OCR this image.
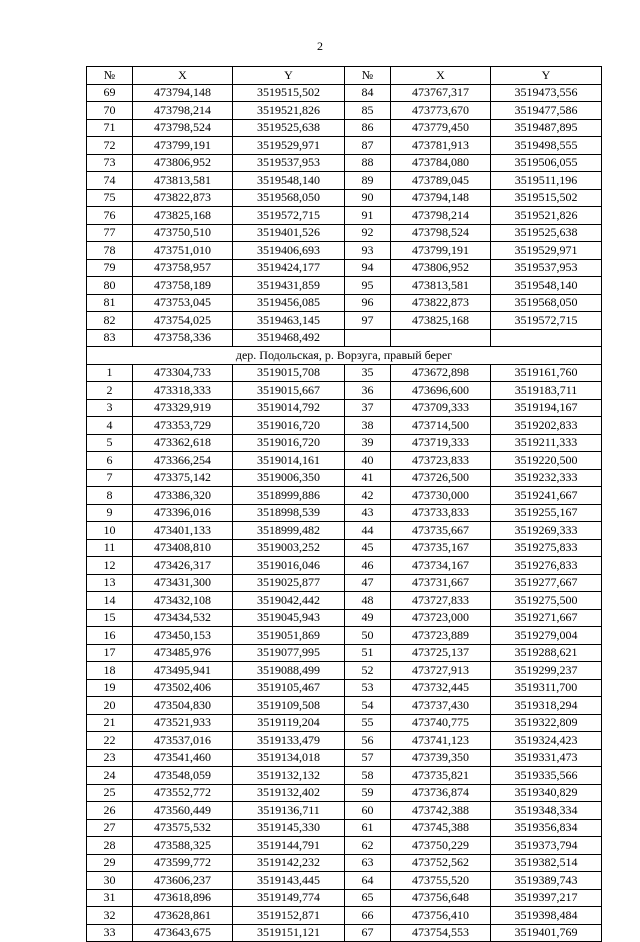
2
№	X	Y	№	X	Y
69	473794,148	3519515,502	84	473767,317	3519473,556
70	473798,214	3519521,826	85	473773,670	3519477,586
71	473798,524	3519525,638	86	473779,450	3519487,895
72	473799,191	3519529,971	87	473781,913	3519498,555
73	473806,952	3519537,953	88	473784,080	3519506,055
74	473813,581	3519548,140	89	473789,045	3519511,196
75	473822,873	3519568,050	90	473794,148	3519515,502
76	473825,168	3519572,715	91	473798,214	3519521,826
77	473750,510	3519401,526	92	473798,524	3519525,638
78	473751,010	3519406,693	93	473799,191	3519529,971
79	473758,957	3519424,177	94	473806,952	3519537,953
80	473758,189	3519431,859	95	473813,581	3519548,140
81	473753,045	3519456,085	96	473822,873	3519568,050
82	473754,025	3519463,145	97	473825,168	3519572,715
83	473758,336	3519468,492			
дер. Подольская, р. Ворзуга, правый берег					
1	473304,733	3519015,708	35	473672,898	3519161,760
2	473318,333	3519015,667	36	473696,600	3519183,711
3	473329,919	3519014,792	37	473709,333	3519194,167
4	473353,729	3519016,720	38	473714,500	3519202,833
5	473362,618	3519016,720	39	473719,333	3519211,333
6	473366,254	3519014,161	40	473723,833	3519220,500
7	473375,142	3519006,350	41	473726,500	3519232,333
8	473386,320	3518999,886	42	473730,000	3519241,667
9	473396,016	3518998,539	43	473733,833	3519255,167
10	473401,133	3518999,482	44	473735,667	3519269,333
11	473408,810	3519003,252	45	473735,167	3519275,833
12	473426,317	3519016,046	46	473734,167	3519276,833
13	473431,300	3519025,877	47	473731,667	3519277,667
14	473432,108	3519042,442	48	473727,833	3519275,500
15	473434,532	3519045,943	49	473723,000	3519271,667
16	473450,153	3519051,869	50	473723,889	3519279,004
17	473485,976	3519077,995	51	473725,137	3519288,621
18	473495,941	3519088,499	52	473727,913	3519299,237
19	473502,406	3519105,467	53	473732,445	3519311,700
20	473504,830	3519109,508	54	473737,430	3519318,294
21	473521,933	3519119,204	55	473740,775	3519322,809
22	473537,016	3519133,479	56	473741,123	3519324,423
23	473541,460	3519134,018	57	473739,350	3519331,473
24	473548,059	3519132,132	58	473735,821	3519335,566
25	473552,772	3519132,402	59	473736,874	3519340,829
26	473560,449	3519136,711	60	473742,388	3519348,334
27	473575,532	3519145,330	61	473745,388	3519356,834
28	473588,325	3519144,791	62	473750,229	3519373,794
29	473599,772	3519142,232	63	473752,562	3519382,514
30	473606,237	3519143,445	64	473755,520	3519389,743
31	473618,896	3519149,774	65	473756,648	3519397,217
32	473628,861	3519152,871	66	473756,410	3519398,484
33	473643,675	3519151,121	67	473754,553	3519401,769
